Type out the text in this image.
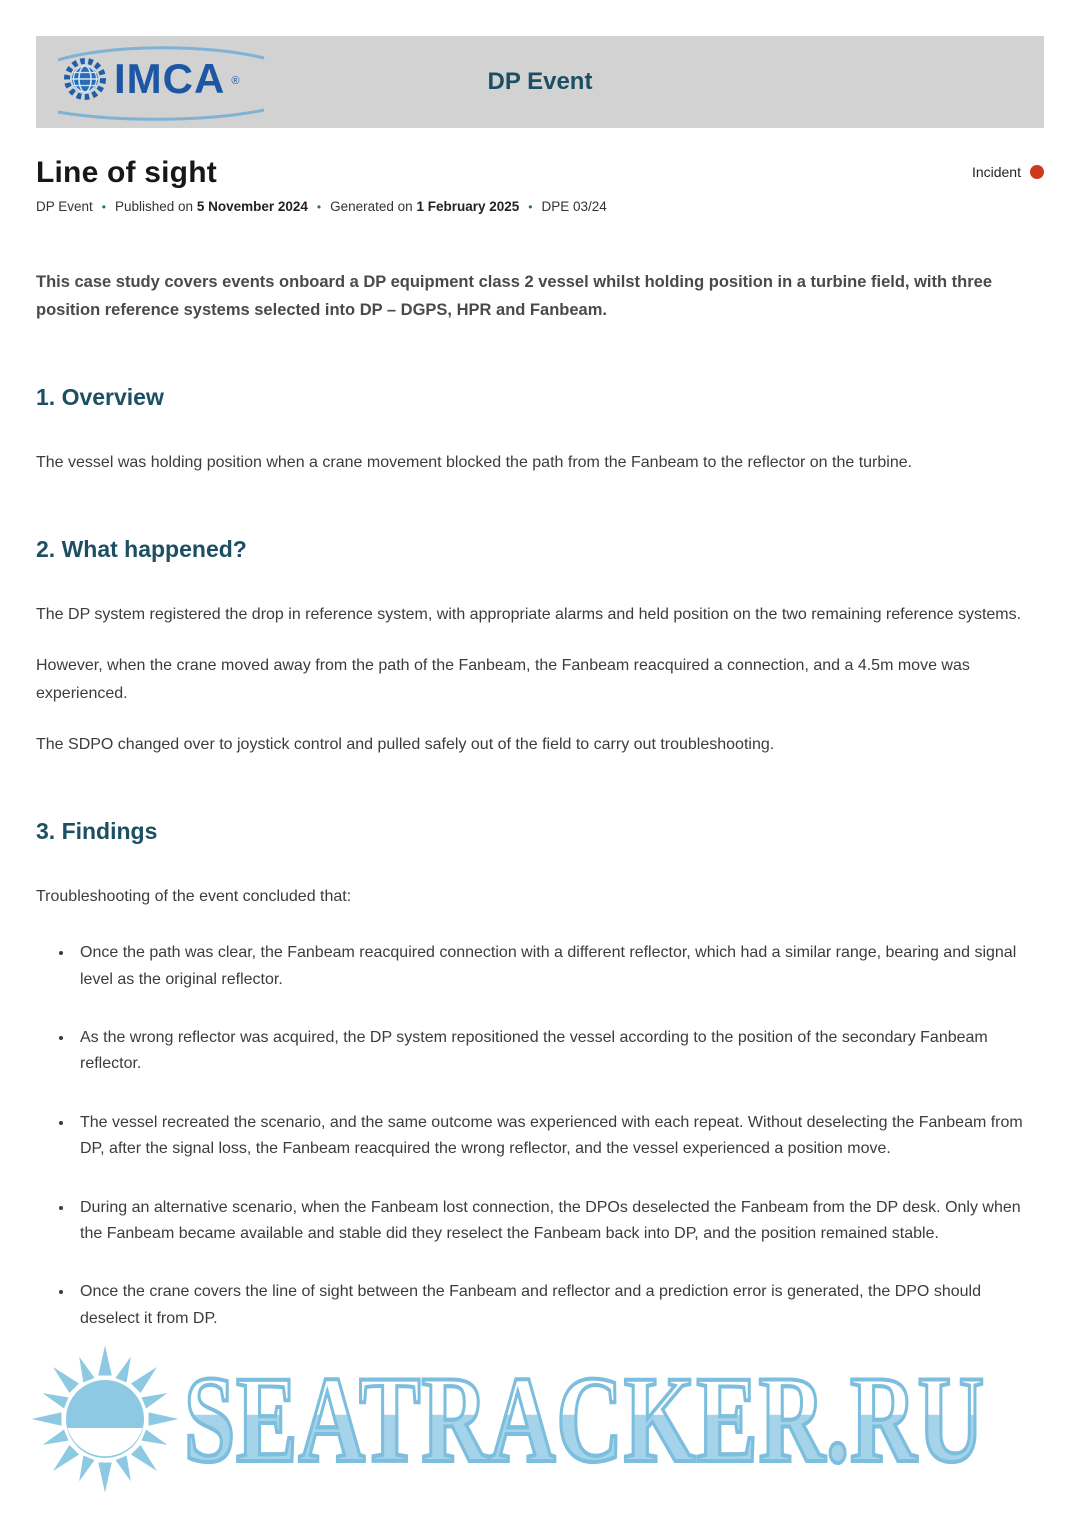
IMCA ®	DP Event
Line of sight	Incident
DP Event • Published on 5 November 2024 • Generated on 1 February 2025 • DPE 03/24

This case study covers events onboard a DP equipment class 2 vessel whilst holding position in a turbine field, with three position reference systems selected into DP – DGPS, HPR and Fanbeam.

1. Overview

The vessel was holding position when a crane movement blocked the path from the Fanbeam to the reflector on the turbine.

2. What happened?

The DP system registered the drop in reference system, with appropriate alarms and held position on the two remaining reference systems.

However, when the crane moved away from the path of the Fanbeam, the Fanbeam reacquired a connection, and a 4.5m move was experienced.

The SDPO changed over to joystick control and pulled safely out of the field to carry out troubleshooting.

3. Findings

Troubleshooting of the event concluded that:

• Once the path was clear, the Fanbeam reacquired connection with a different reflector, which had a similar range, bearing and signal level as the original reflector.
• As the wrong reflector was acquired, the DP system repositioned the vessel according to the position of the secondary Fanbeam reflector.
• The vessel recreated the scenario, and the same outcome was experienced with each repeat. Without deselecting the Fanbeam from DP, after the signal loss, the Fanbeam reacquired the wrong reflector, and the vessel experienced a position move.
• During an alternative scenario, when the Fanbeam lost connection, the DPOs deselected the Fanbeam from the DP desk. Only when the Fanbeam became available and stable did they reselect the Fanbeam back into DP, and the position remained stable.
• Once the crane covers the line of sight between the Fanbeam and reflector and a prediction error is generated, the DPO should deselect it from DP.
SEATRACKER.RU
